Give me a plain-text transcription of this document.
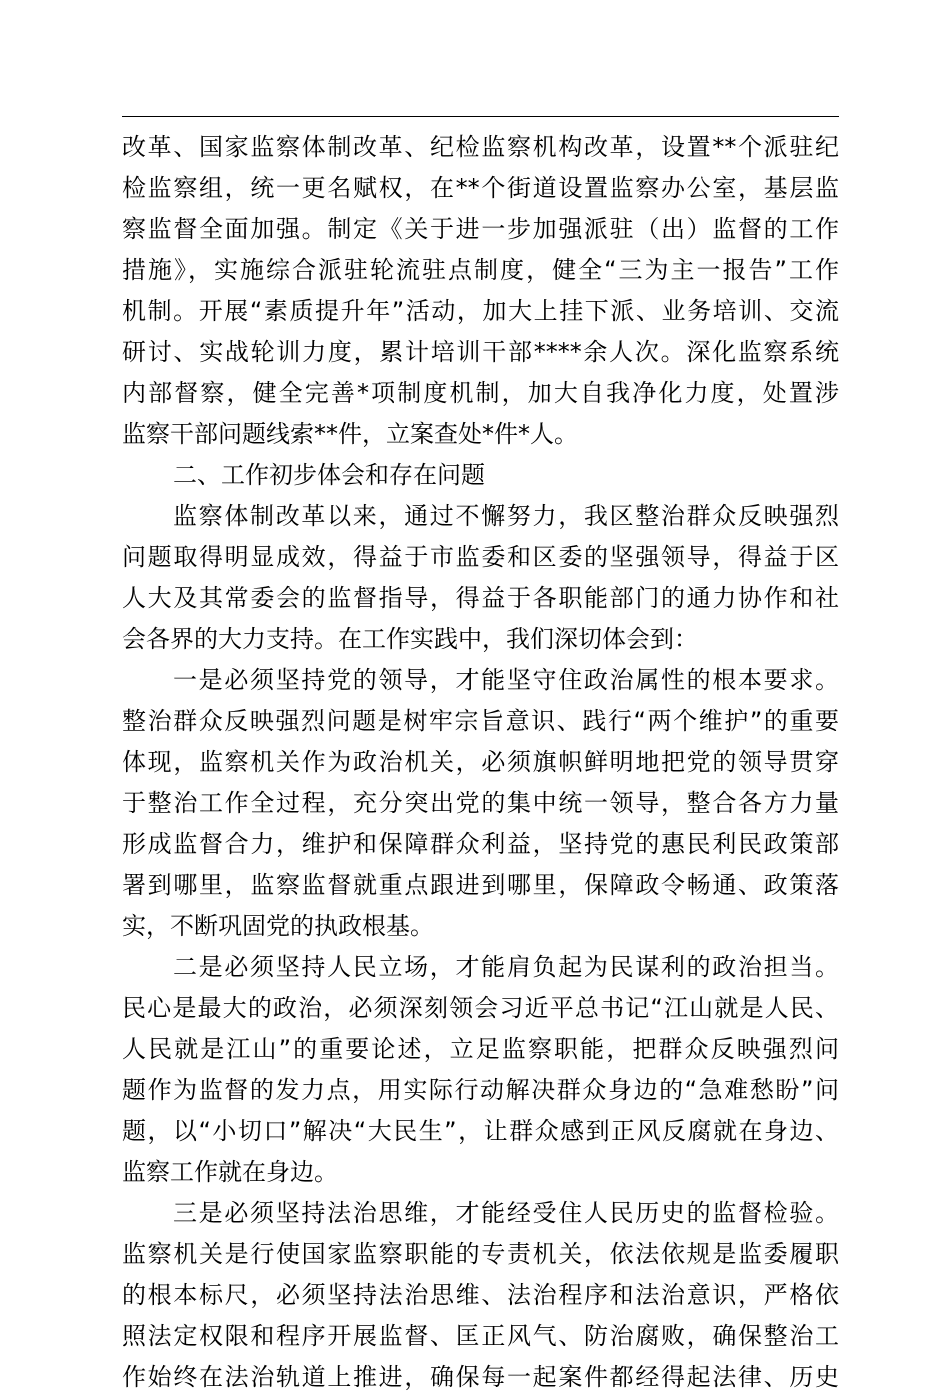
改革、国家监察体制改革、纪检监察机构改革，设置**个派驻纪
检监察组，统一更名赋权，在**个街道设置监察办公室，基层监
察监督全面加强。制定《关于进一步加强派驻（出）监督的工作
措施》，实施综合派驻轮流驻点制度，健全“三为主一报告”工作
机制。开展“素质提升年”活动，加大上挂下派、业务培训、交流
研讨、实战轮训力度，累计培训干部****余人次。深化监察系统
内部督察，健全完善*项制度机制，加大自我净化力度，处置涉
监察干部问题线索**件，立案查处*件*人。
二、工作初步体会和存在问题
监察体制改革以来，通过不懈努力，我区整治群众反映强烈
问题取得明显成效，得益于市监委和区委的坚强领导，得益于区
人大及其常委会的监督指导，得益于各职能部门的通力协作和社
会各界的大力支持。在工作实践中，我们深切体会到：
一是必须坚持党的领导，才能坚守住政治属性的根本要求。
整治群众反映强烈问题是树牢宗旨意识、践行“两个维护”的重要
体现，监察机关作为政治机关，必须旗帜鲜明地把党的领导贯穿
于整治工作全过程，充分突出党的集中统一领导，整合各方力量
形成监督合力，维护和保障群众利益，坚持党的惠民利民政策部
署到哪里，监察监督就重点跟进到哪里，保障政令畅通、政策落
实，不断巩固党的执政根基。
二是必须坚持人民立场，才能肩负起为民谋利的政治担当。
民心是最大的政治，必须深刻领会习近平总书记“江山就是人民、
人民就是江山”的重要论述，立足监察职能，把群众反映强烈问
题作为监督的发力点，用实际行动解决群众身边的“急难愁盼”问
题，以“小切口”解决“大民生”，让群众感到正风反腐就在身边、
监察工作就在身边。
三是必须坚持法治思维，才能经受住人民历史的监督检验。
监察机关是行使国家监察职能的专责机关，依法依规是监委履职
的根本标尺，必须坚持法治思维、法治程序和法治意识，严格依
照法定权限和程序开展监督、匡正风气、防治腐败，确保整治工
作始终在法治轨道上推进，确保每一起案件都经得起法律、历史
